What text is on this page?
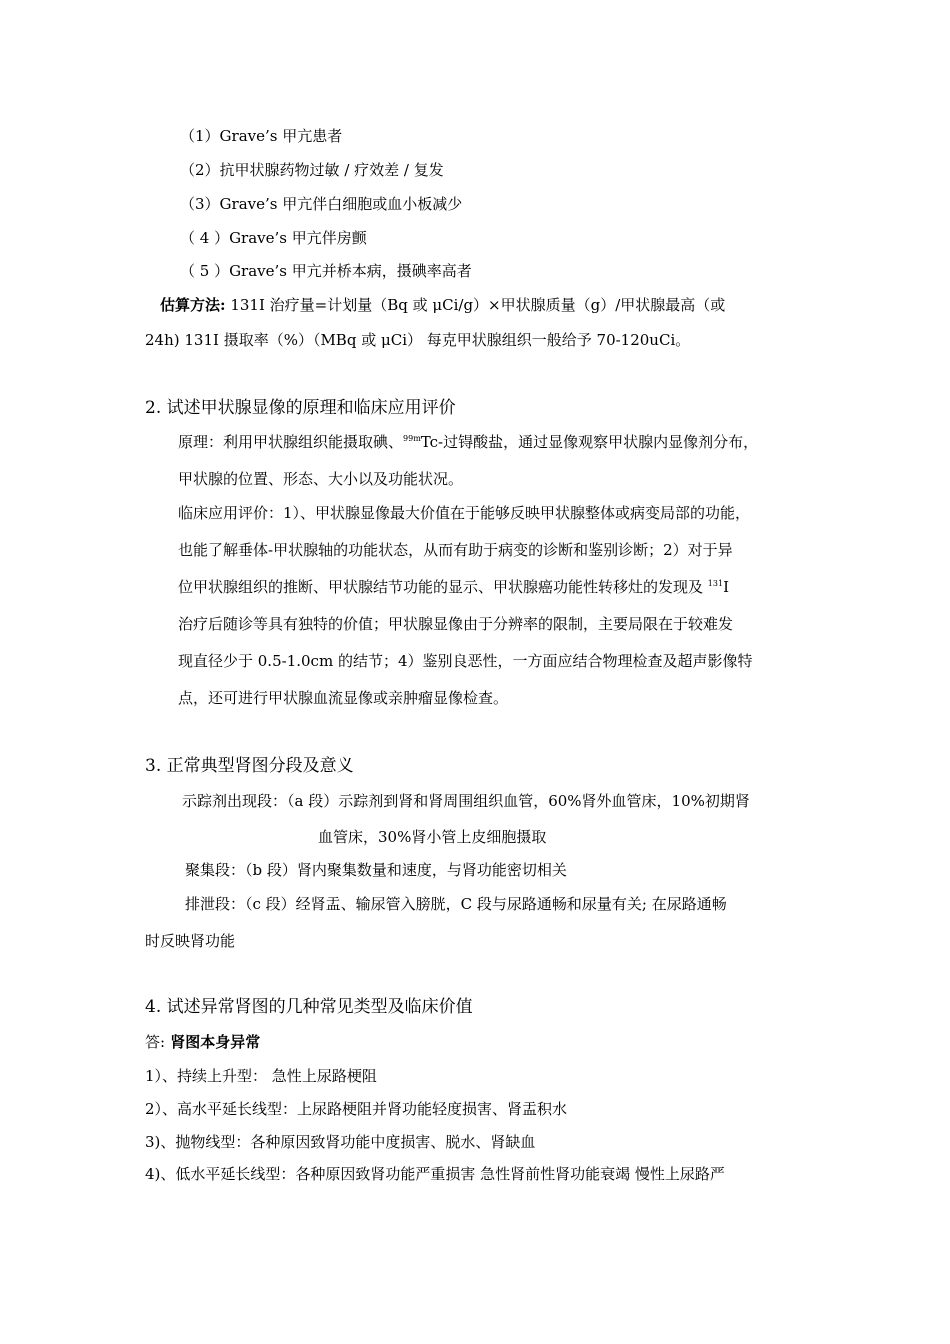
（1）Grave’s 甲亢患者
（2）抗甲状腺药物过敏 / 疗效差 / 复发
（3）Grave’s 甲亢伴白细胞或血小板减少
（ 4 ）Grave’s 甲亢伴房颤
（ 5 ）Grave’s 甲亢并桥本病，摄碘率高者
估算方法: 131I 治疗量=计划量（Bq 或 μCi/g）×甲状腺质量（g）/甲状腺最高（或
24h) 131I 摄取率（%）（MBq 或 μCi） 每克甲状腺组织一般给予 70-120uCi。
2. 试述甲状腺显像的原理和临床应用评价
原理：利用甲状腺组织能摄取碘、$^{99m}$Tc-过锝酸盐，通过显像观察甲状腺内显像剂分布，
甲状腺的位置、形态、大小以及功能状况。
临床应用评价：1）、甲状腺显像最大价值在于能够反映甲状腺整体或病变局部的功能，
也能了解垂体-甲状腺轴的功能状态，从而有助于病变的诊断和鉴别诊断；2）对于异
位甲状腺组织的推断、甲状腺结节功能的显示、甲状腺癌功能性转移灶的发现及 $^{131}$I
治疗后随诊等具有独特的价值；甲状腺显像由于分辨率的限制，主要局限在于较难发
现直径少于 0.5-1.0cm 的结节；4）鉴别良恶性，一方面应结合物理检查及超声影像特
点，还可进行甲状腺血流显像或亲肿瘤显像检查。
3. 正常典型肾图分段及意义
示踪剂出现段：（a 段）示踪剂到肾和肾周围组织血管，60%肾外血管床，10%初期肾
血管床，30%肾小管上皮细胞摄取
聚集段：（b 段）肾内聚集数量和速度，与肾功能密切相关
排泄段：（c 段）经肾盂、输尿管入膀胱，C 段与尿路通畅和尿量有关; 在尿路通畅
时反映肾功能
4. 试述异常肾图的几种常见类型及临床价值
答: 肾图本身异常
1）、持续上升型： 急性上尿路梗阻
2）、高水平延长线型：上尿路梗阻并肾功能轻度损害、肾盂积水
3)、抛物线型：各种原因致肾功能中度损害、脱水、肾缺血
4)、低水平延长线型：各种原因致肾功能严重损害 急性肾前性肾功能衰竭 慢性上尿路严
